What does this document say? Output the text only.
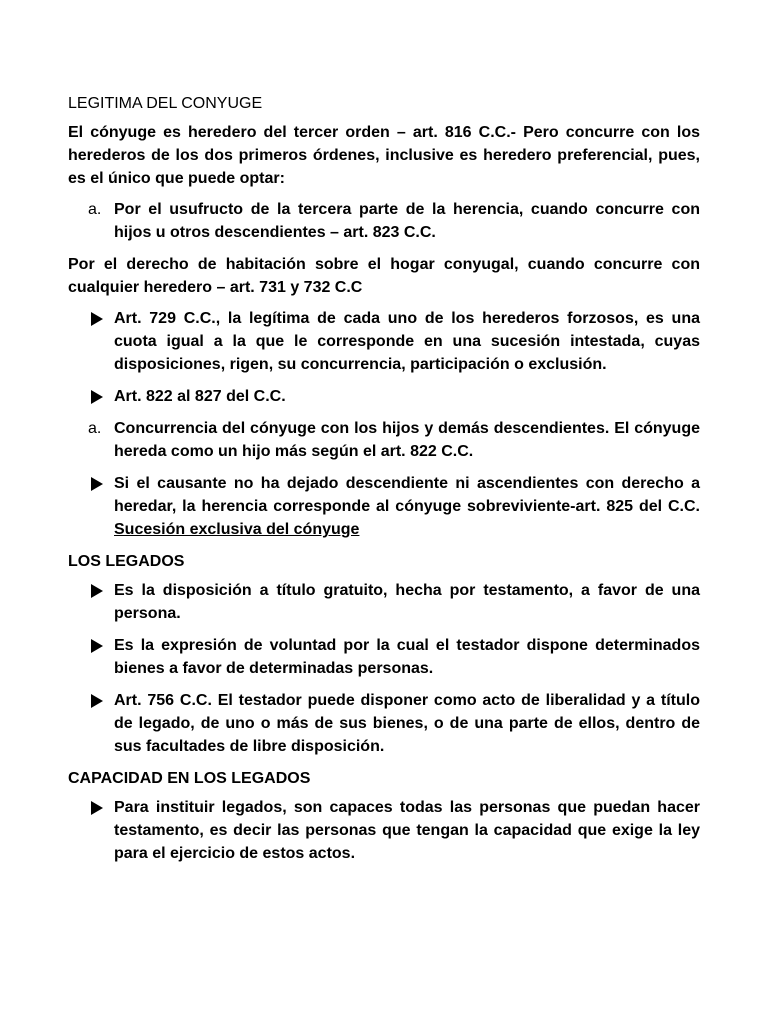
LEGITIMA DEL CONYUGE

El cónyuge es heredero del tercer orden – art. 816 C.C.- Pero concurre con los herederos de los dos primeros órdenes, inclusive es heredero preferencial, pues, es el único que puede optar:

a. Por el usufructo de la tercera parte de la herencia, cuando concurre con hijos u otros descendientes – art. 823 C.C.

Por el derecho de habitación sobre el hogar conyugal, cuando concurre con cualquier heredero – art. 731 y 732 C.C

Art. 729 C.C., la legítima de cada uno de los herederos forzosos, es una cuota igual a la que le corresponde en una sucesión intestada, cuyas disposiciones, rigen, su concurrencia, participación o exclusión.
Art. 822 al 827 del C.C.
a. Concurrencia del cónyuge con los hijos y demás descendientes. El cónyuge hereda como un hijo más según el art. 822 C.C.
Si el causante no ha dejado descendiente ni ascendientes con derecho a heredar, la herencia corresponde al cónyuge sobreviviente-art. 825 del C.C. Sucesión exclusiva del cónyuge

LOS LEGADOS

Es la disposición a título gratuito, hecha por testamento, a favor de una persona.
Es la expresión de voluntad por la cual el testador dispone determinados bienes a favor de determinadas personas.
Art. 756 C.C. El testador puede disponer como acto de liberalidad y a título de legado, de uno o más de sus bienes, o de una parte de ellos, dentro de sus facultades de libre disposición.

CAPACIDAD EN LOS LEGADOS

Para instituir legados, son capaces todas las personas que puedan hacer testamento, es decir las personas que tengan la capacidad que exige la ley para el ejercicio de estos actos.
